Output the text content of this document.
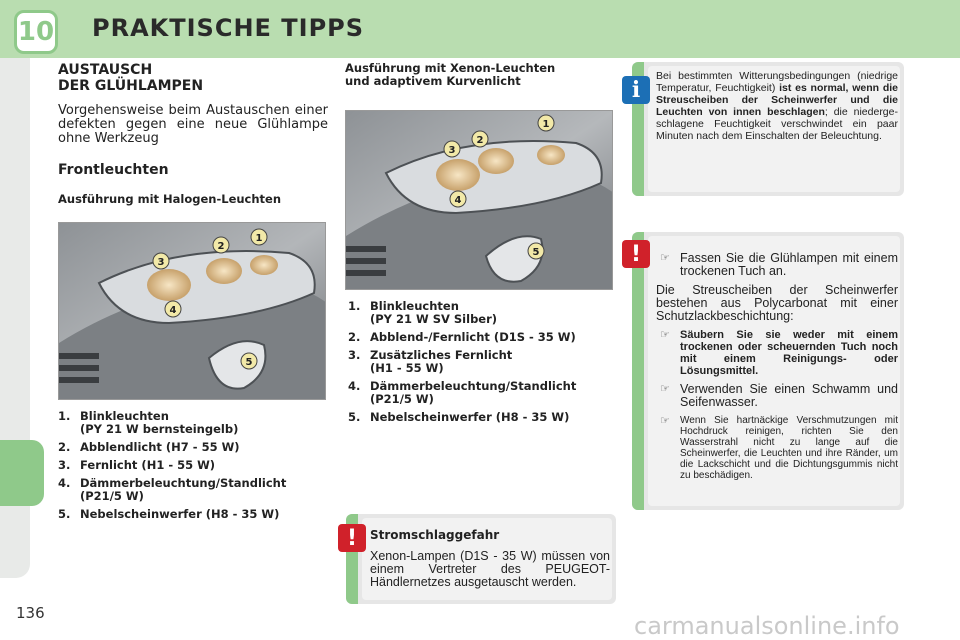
10 PRAKTISCHE TIPPS
AUSTAUSCH
DER GLÜHLAMPEN
Vorgehensweise beim Austauschen einer defekten gegen eine neue Glühlampe ohne Werkzeug
Frontleuchten
Ausführung mit Halogen-Leuchten
1
2
3
4
5
1. Blinkleuchten
(PY 21 W bernsteingelb)
2. Abblendlicht (H7 - 55 W)
3. Fernlicht (H1 - 55 W)
4. Dämmerbeleuchtung/Standlicht
(P21/5 W)
5. Nebelscheinwerfer (H8 - 35 W)
Ausführung mit Xenon-Leuchten
und adaptivem Kurvenlicht
1
2
3
4
5
1. Blinkleuchten
(PY 21 W SV Silber)
2. Abblend-/Fernlicht (D1S - 35 W)
3. Zusätzliches Fernlicht
(H1 - 55 W)
4. Dämmerbeleuchtung/Standlicht
(P21/5 W)
5. Nebelscheinwerfer (H8 - 35 W)
i
Bei bestimmten Witterungsbedingungen (niedrige Temperatur, Feuchtigkeit) ist es normal, wenn die Streuscheiben der Scheinwerfer und die Leuchten von innen beschlagen; die niederge-schlagene Feuchtigkeit verschwindet ein paar Minuten nach dem Einschalten der Beleuchtung.
!	☞ Fassen Sie die Glühlampen mit einem trockenen Tuch an.
Die Streuscheiben der Scheinwerfer bestehen aus Polycarbonat mit einer Schutzlackbeschichtung:
☞ Säubern Sie sie weder mit einem trockenen oder scheuernden Tuch noch mit einem Reinigungs- oder Lösungsmittel.
☞ Verwenden Sie einen Schwamm und Seifenwasser.
☞	Wenn Sie hartnäckige Verschmutzungen mit Hochdruck reinigen, richten Sie den Wasserstrahl nicht zu lange auf die Scheinwerfer, die Leuchten und ihre Ränder, um die Lackschicht und die Dichtungsgummis nicht zu beschädigen.
!	Stromschlaggefahr
Xenon-Lampen (D1S - 35 W) müssen von einem Vertreter des PEUGEOT-Händlernetzes ausgetauscht werden.
136	carmanualsonline.info
